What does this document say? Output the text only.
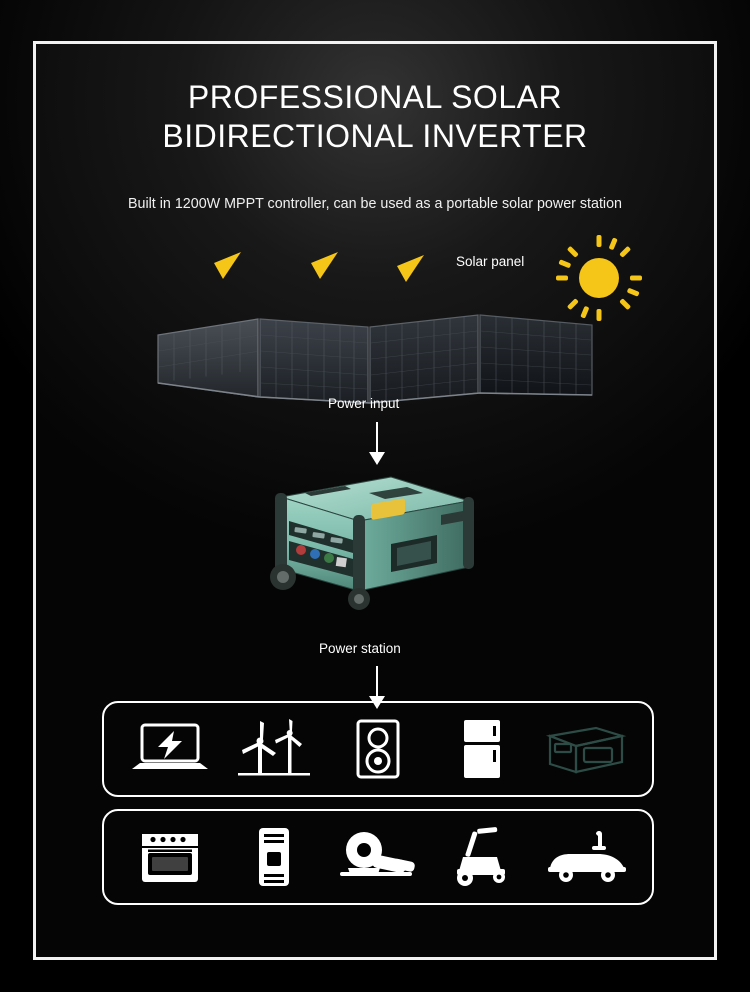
PROFESSIONAL SOLAR
BIDIRECTIONAL INVERTER
Built in 1200W MPPT controller, can be used as a portable solar power station
Solar panel
Power input
Power station
